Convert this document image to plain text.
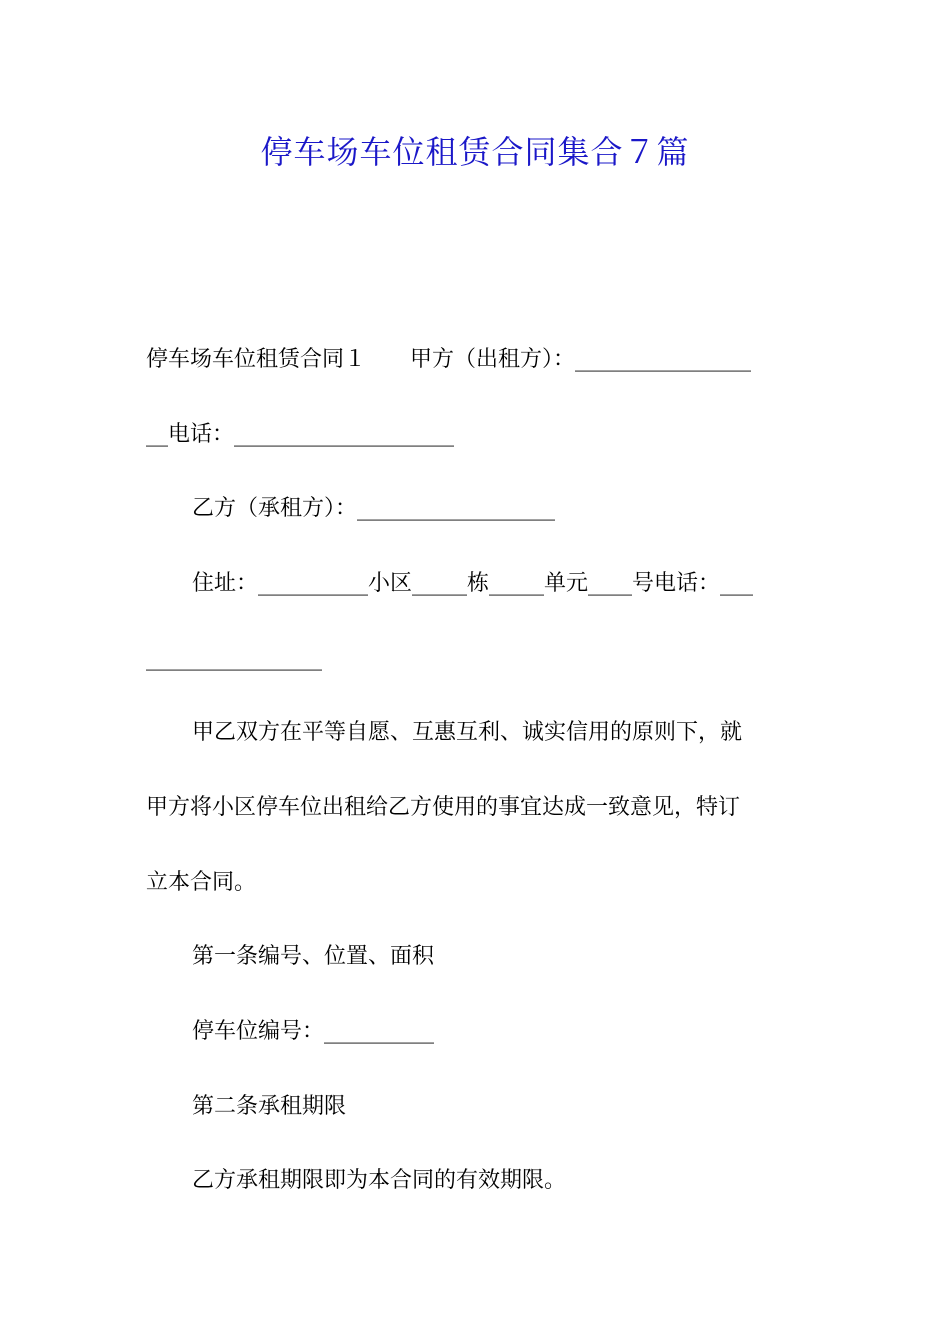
停车场车位租赁合同集合７篇
停车场车位租赁合同１　　甲方（出租方）：________________
__电话：____________________
乙方（承租方）：__________________
住址：__________小区_____栋_____单元____号电话：___
________________
甲乙双方在平等自愿、互惠互利、诚实信用的原则下，就
甲方将小区停车位出租给乙方使用的事宜达成一致意见，特订
立本合同。
第一条编号、位置、面积
停车位编号：__________
第二条承租期限
乙方承租期限即为本合同的有效期限。
